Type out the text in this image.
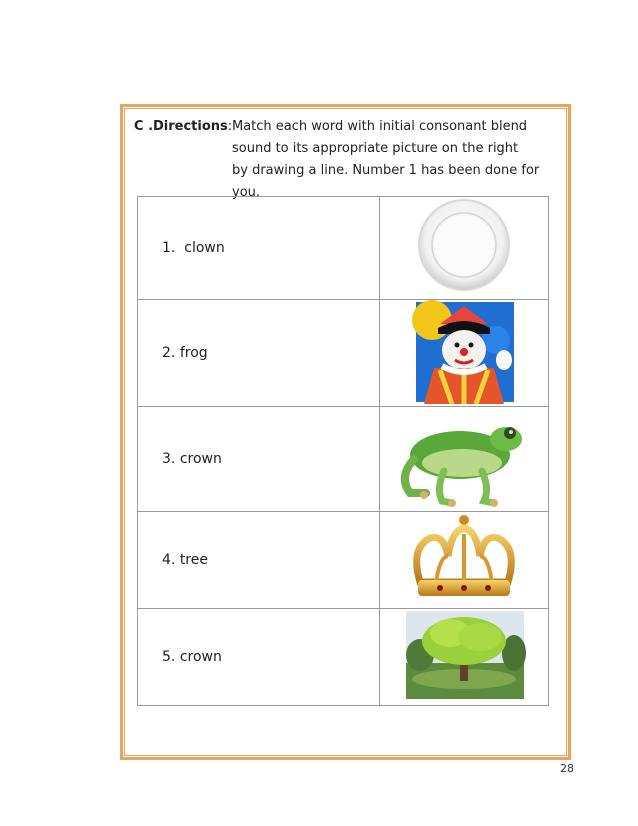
C .Directions: Match each word with initial consonant blend
sound to its appropriate picture on the right
by drawing a line. Number 1 has been done for
you.
1. clown

2. frog

3. crown

4. tree

5. crown

28
